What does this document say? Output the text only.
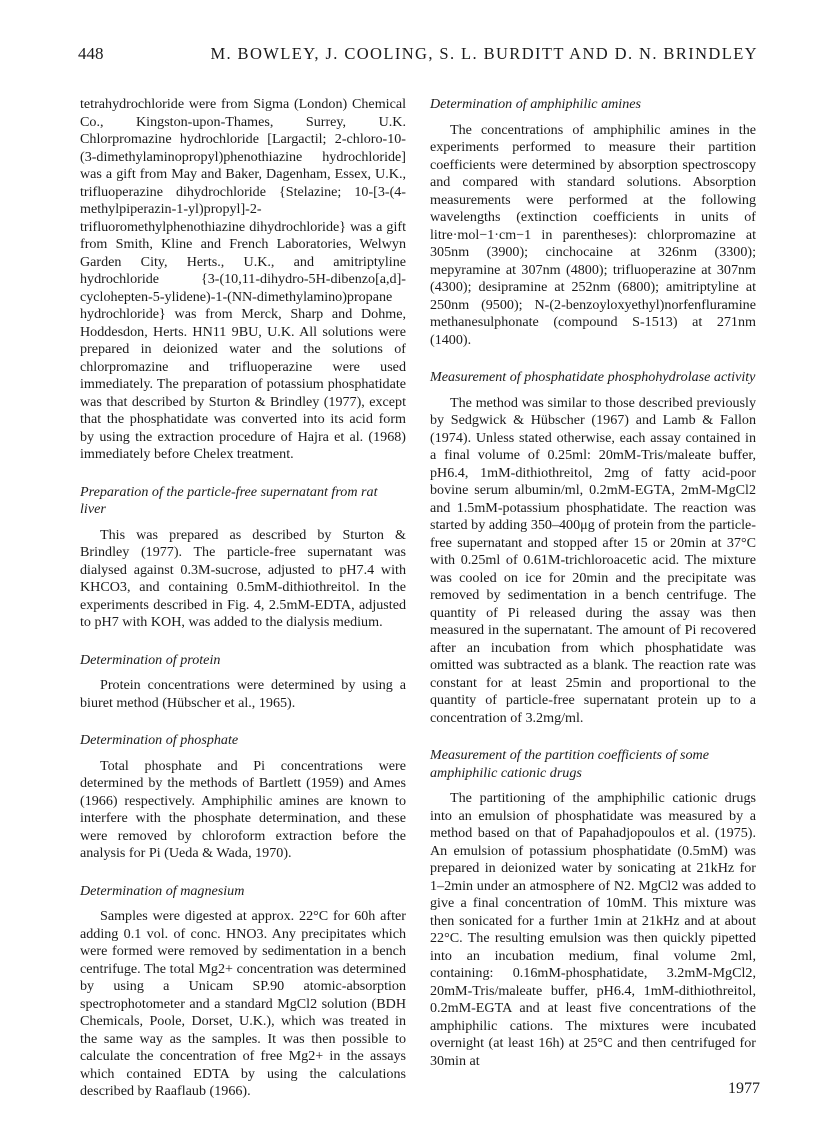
448	M. BOWLEY, J. COOLING, S. L. BURDITT AND D. N. BRINDLEY

tetrahydrochloride were from Sigma (London) Chemical Co., Kingston-upon-Thames, Surrey, U.K. Chlorpromazine hydrochloride [Largactil; 2-chloro-10-(3-dimethylaminopropyl)phenothiazine hydrochloride] was a gift from May and Baker, Dagenham, Essex, U.K., trifluoperazine dihydrochloride {Stelazine; 10-[3-(4-methylpiperazin-1-yl)propyl]-2-trifluoromethylphenothiazine dihydrochloride} was a gift from Smith, Kline and French Laboratories, Welwyn Garden City, Herts., U.K., and amitriptyline hydrochloride {3-(10,11-dihydro-5H-dibenzo[a,d]-cyclohepten-5-ylidene)-1-(NN-dimethylamino)propane hydrochloride} was from Merck, Sharp and Dohme, Hoddesdon, Herts. HN11 9BU, U.K. All solutions were prepared in deionized water and the solutions of chlorpromazine and trifluoperazine were used immediately. The preparation of potassium phosphatidate was that described by Sturton & Brindley (1977), except that the phosphatidate was converted into its acid form by using the extraction procedure of Hajra et al. (1968) immediately before Chelex treatment.

Preparation of the particle-free supernatant from rat liver

This was prepared as described by Sturton & Brindley (1977). The particle-free supernatant was dialysed against 0.3M-sucrose, adjusted to pH7.4 with KHCO3, and containing 0.5mM-dithiothreitol. In the experiments described in Fig. 4, 2.5mM-EDTA, adjusted to pH7 with KOH, was added to the dialysis medium.

Determination of protein

Protein concentrations were determined by using a biuret method (Hübscher et al., 1965).

Determination of phosphate

Total phosphate and Pi concentrations were determined by the methods of Bartlett (1959) and Ames (1966) respectively. Amphiphilic amines are known to interfere with the phosphate determination, and these were removed by chloroform extraction before the analysis for Pi (Ueda & Wada, 1970).

Determination of magnesium

Samples were digested at approx. 22°C for 60h after adding 0.1 vol. of conc. HNO3. Any precipitates which were formed were removed by sedimentation in a bench centrifuge. The total Mg2+ concentration was determined by using a Unicam SP.90 atomic-absorption spectrophotometer and a standard MgCl2 solution (BDH Chemicals, Poole, Dorset, U.K.), which was treated in the same way as the samples. It was then possible to calculate the concentration of free Mg2+ in the assays which contained EDTA by using the calculations described by Raaflaub (1966).

Determination of amphiphilic amines

The concentrations of amphiphilic amines in the experiments performed to measure their partition coefficients were determined by absorption spectroscopy and compared with standard solutions. Absorption measurements were performed at the following wavelengths (extinction coefficients in units of litre·mol−1·cm−1 in parentheses): chlorpromazine at 305nm (3900); cinchocaine at 326nm (3300); mepyramine at 307nm (4800); trifluoperazine at 307nm (4300); desipramine at 252nm (6800); amitriptyline at 250nm (9500); N-(2-benzoyloxyethyl)norfenfluramine methanesulphonate (compound S-1513) at 271nm (1400).

Measurement of phosphatidate phosphohydrolase activity

The method was similar to those described previously by Sedgwick & Hübscher (1967) and Lamb & Fallon (1974). Unless stated otherwise, each assay contained in a final volume of 0.25ml: 20mM-Tris/maleate buffer, pH6.4, 1mM-dithiothreitol, 2mg of fatty acid-poor bovine serum albumin/ml, 0.2mM-EGTA, 2mM-MgCl2 and 1.5mM-potassium phosphatidate. The reaction was started by adding 350–400μg of protein from the particle-free supernatant and stopped after 15 or 20min at 37°C with 0.25ml of 0.61M-trichloroacetic acid. The mixture was cooled on ice for 20min and the precipitate was removed by sedimentation in a bench centrifuge. The quantity of Pi released during the assay was then measured in the supernatant. The amount of Pi recovered after an incubation from which phosphatidate was omitted was subtracted as a blank. The reaction rate was constant for at least 25min and proportional to the quantity of particle-free supernatant protein up to a concentration of 3.2mg/ml.

Measurement of the partition coefficients of some amphiphilic cationic drugs

The partitioning of the amphiphilic cationic drugs into an emulsion of phosphatidate was measured by a method based on that of Papahadjopoulos et al. (1975). An emulsion of potassium phosphatidate (0.5mM) was prepared in deionized water by sonicating at 21kHz for 1–2min under an atmosphere of N2. MgCl2 was added to give a final concentration of 10mM. This mixture was then sonicated for a further 1min at 21kHz and at about 22°C. The resulting emulsion was then quickly pipetted into an incubation medium, final volume 2ml, containing: 0.16mM-phosphatidate, 3.2mM-MgCl2, 20mM-Tris/maleate buffer, pH6.4, 1mM-dithiothreitol, 0.2mM-EGTA and at least five concentrations of the amphiphilic cations. The mixtures were incubated overnight (at least 16h) at 25°C and then centrifuged for 30min at

1977
